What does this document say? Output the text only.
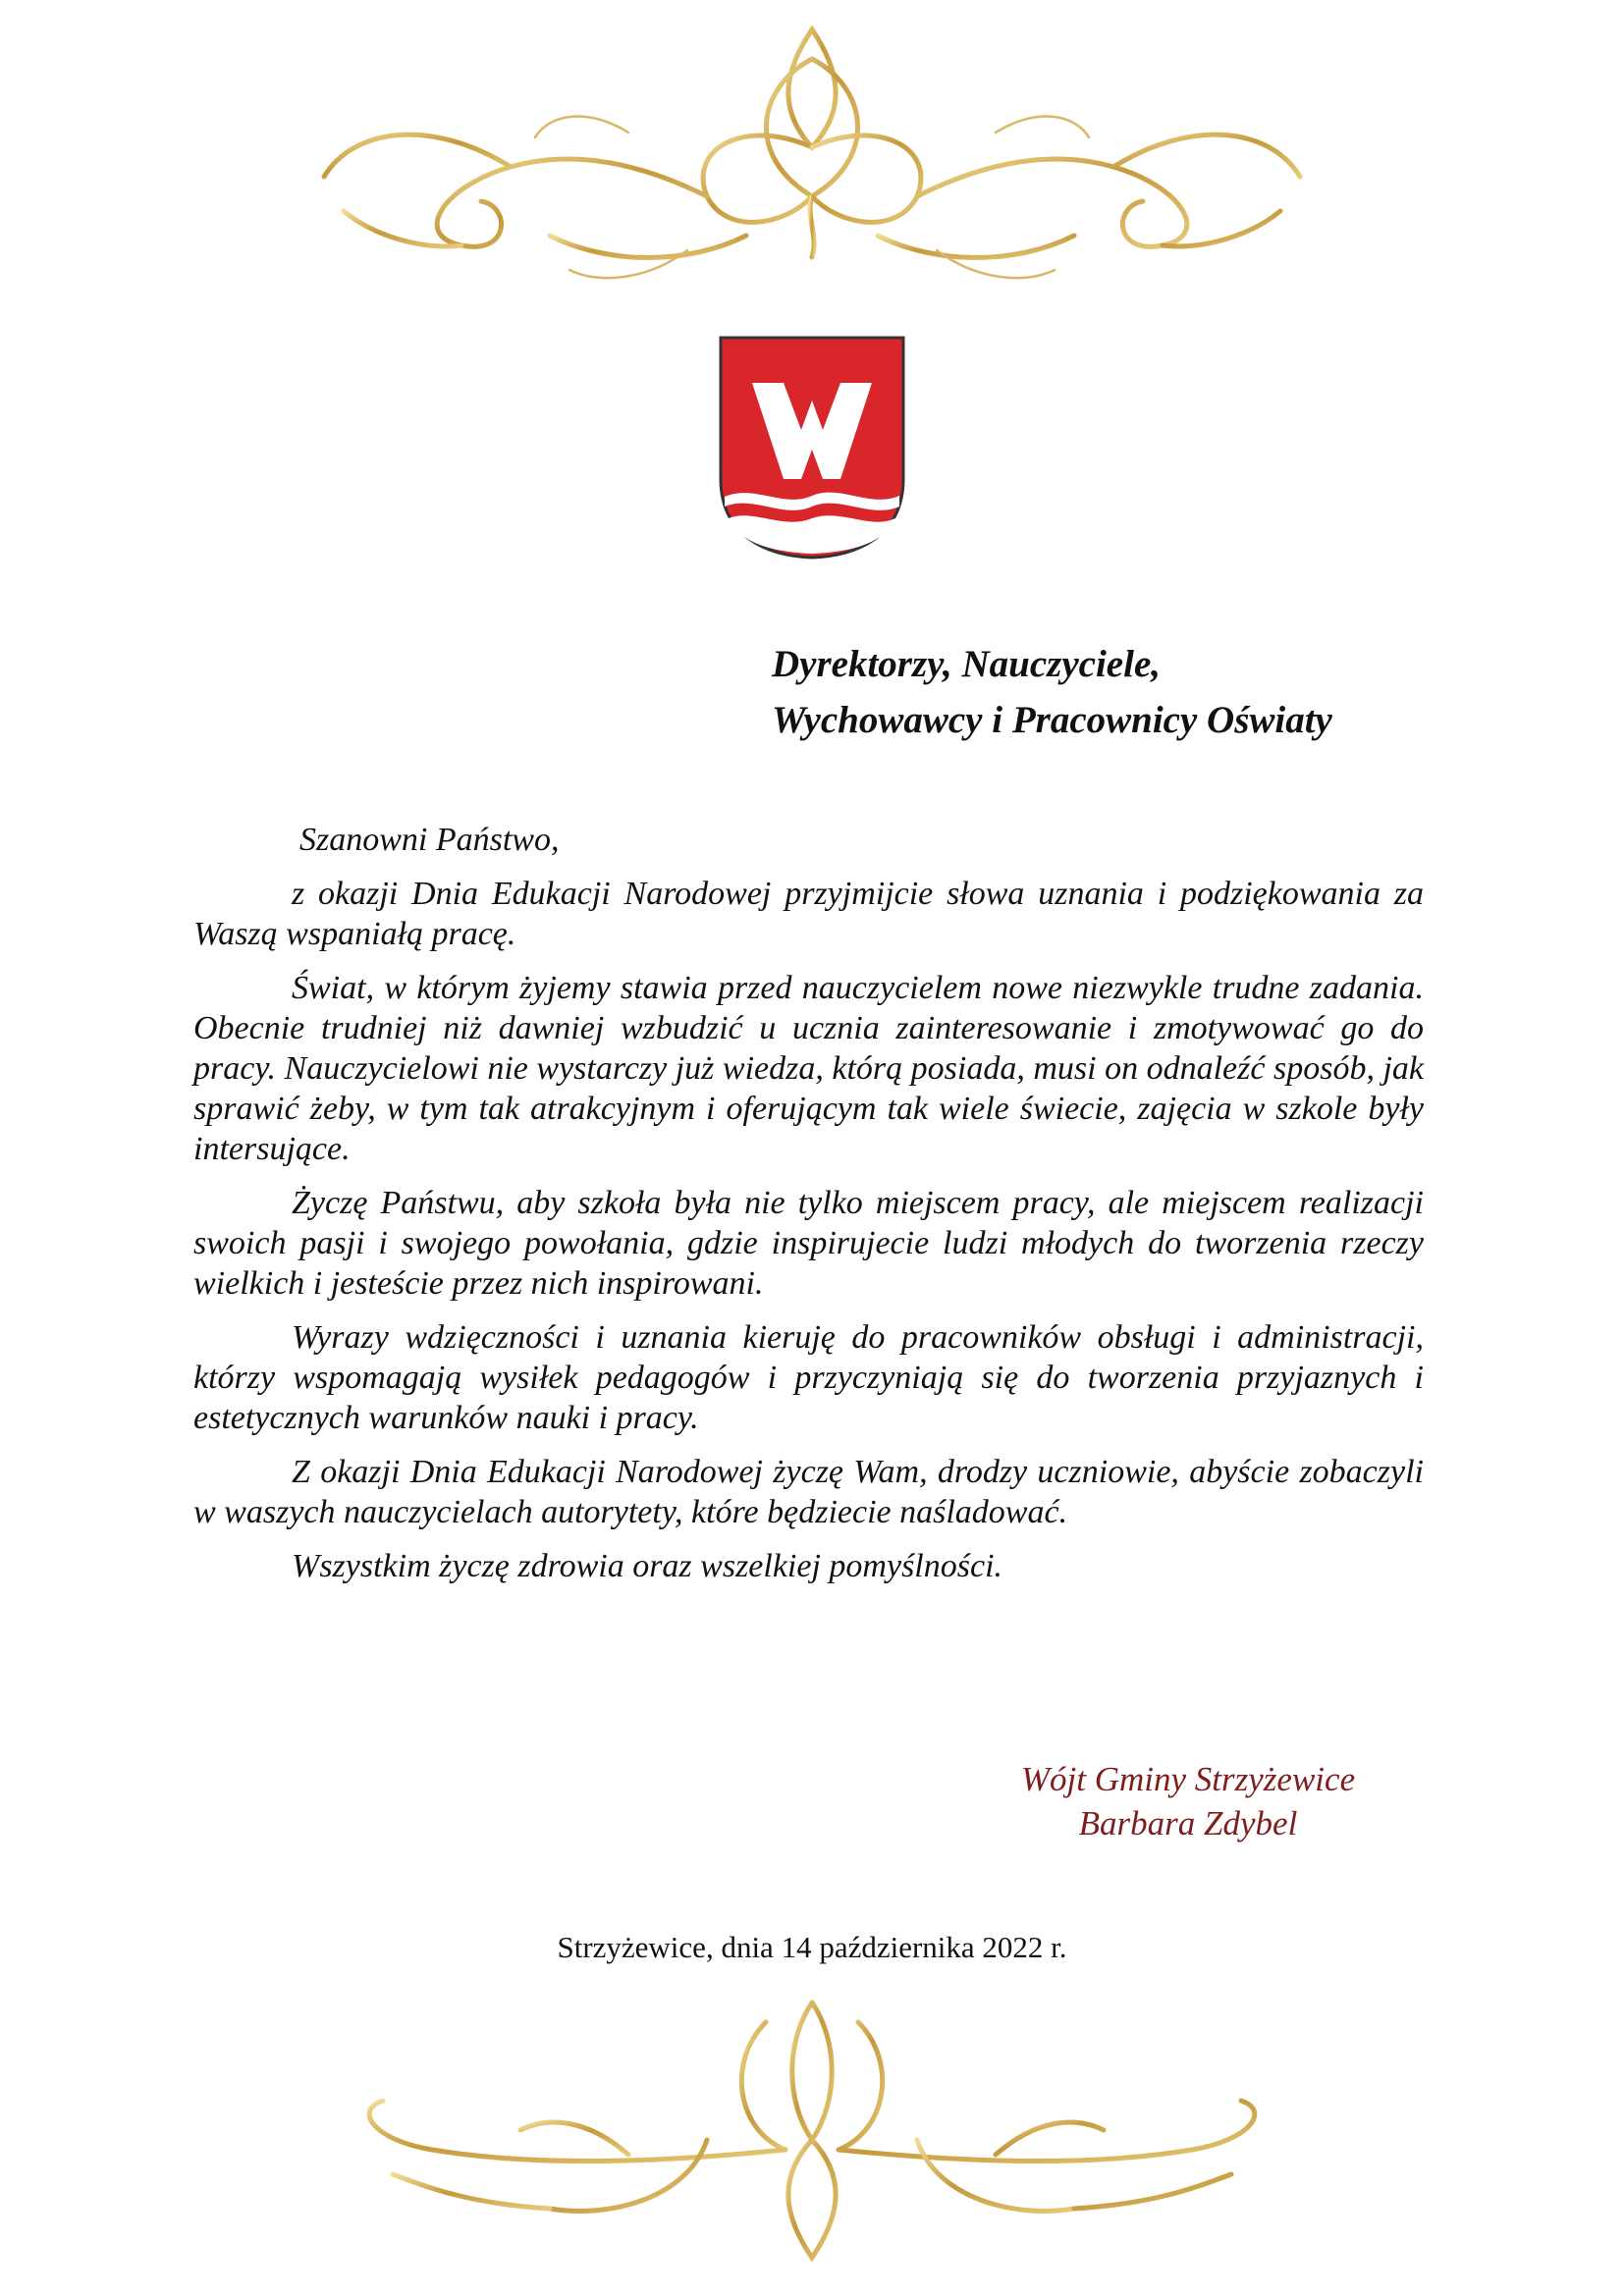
Dyrektorzy, Nauczyciele,
Wychowawcy i Pracownicy Oświaty
Szanowni Państwo,

z okazji Dnia Edukacji Narodowej przyjmijcie słowa uznania i podziękowania za Waszą wspaniałą pracę.

Świat, w którym żyjemy stawia przed nauczycielem nowe niezwykle trudne zadania. Obecnie trudniej niż dawniej wzbudzić u ucznia zainteresowanie i zmotywować go do pracy. Nauczycielowi nie wystarczy już wiedza, którą posiada, musi on odnaleźć sposób, jak sprawić żeby, w tym tak atrakcyjnym i oferującym tak wiele świecie, zajęcia w szkole były intersujące.

Życzę Państwu, aby szkoła była nie tylko miejscem pracy, ale miejscem realizacji swoich pasji i swojego powołania, gdzie inspirujecie ludzi młodych do tworzenia rzeczy wielkich i jesteście przez nich inspirowani.

Wyrazy wdzięczności i uznania kieruję do pracowników obsługi i administracji, którzy wspomagają wysiłek pedagogów i przyczyniają się do tworzenia przyjaznych i estetycznych warunków nauki i pracy.

Z okazji Dnia Edukacji Narodowej życzę Wam, drodzy uczniowie, abyście zobaczyli w waszych nauczycielach autorytety, które będziecie naśladować.

Wszystkim życzę zdrowia oraz wszelkiej pomyślności.

Wójt Gminy Strzyżewice
Barbara Zdybel
Strzyżewice, dnia 14 października 2022 r.
